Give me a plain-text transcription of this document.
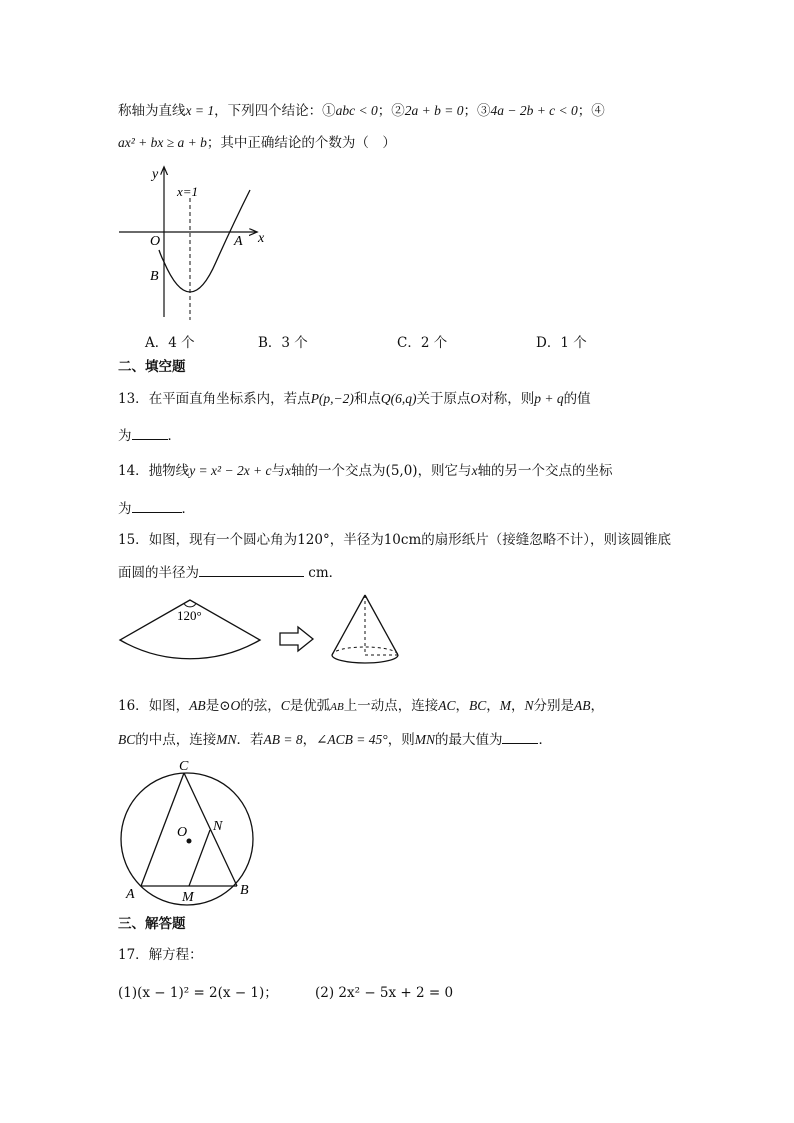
称轴为直线x = 1，下列四个结论：①abc < 0；②2a + b = 0；③4a − 2b + c < 0；④
ax² + bx ≥ a + b；其中正确结论的个数为（　）
y
x
O	A
B
x=1
A．4 个	B．3 个	C．2 个	D．1 个
二、填空题
13．在平面直角坐标系内，若点P(p,−2)和点Q(6,q)关于原点O对称，则p + q的值
为	．
14．抛物线y = x² − 2x + c与x轴的一个交点为(5,0)，则它与x轴的另一个交点的坐标
为	．
15．如图，现有一个圆心角为120°，半径为10cm的扇形纸片（接缝忽略不计），则该圆锥底
面圆的半径为	cm．
120°
16．如图，AB是⊙O的弦，C是优弧AB上一动点，连接AC，BC，M，N分别是AB，
BC的中点，连接MN．若AB = 8，∠ACB = 45°，则MN的最大值为	．
C
O N
A	M	B
三、解答题
17．解方程：
(1)(x − 1)² = 2(x − 1)；	(2) 2x² − 5x + 2 = 0
